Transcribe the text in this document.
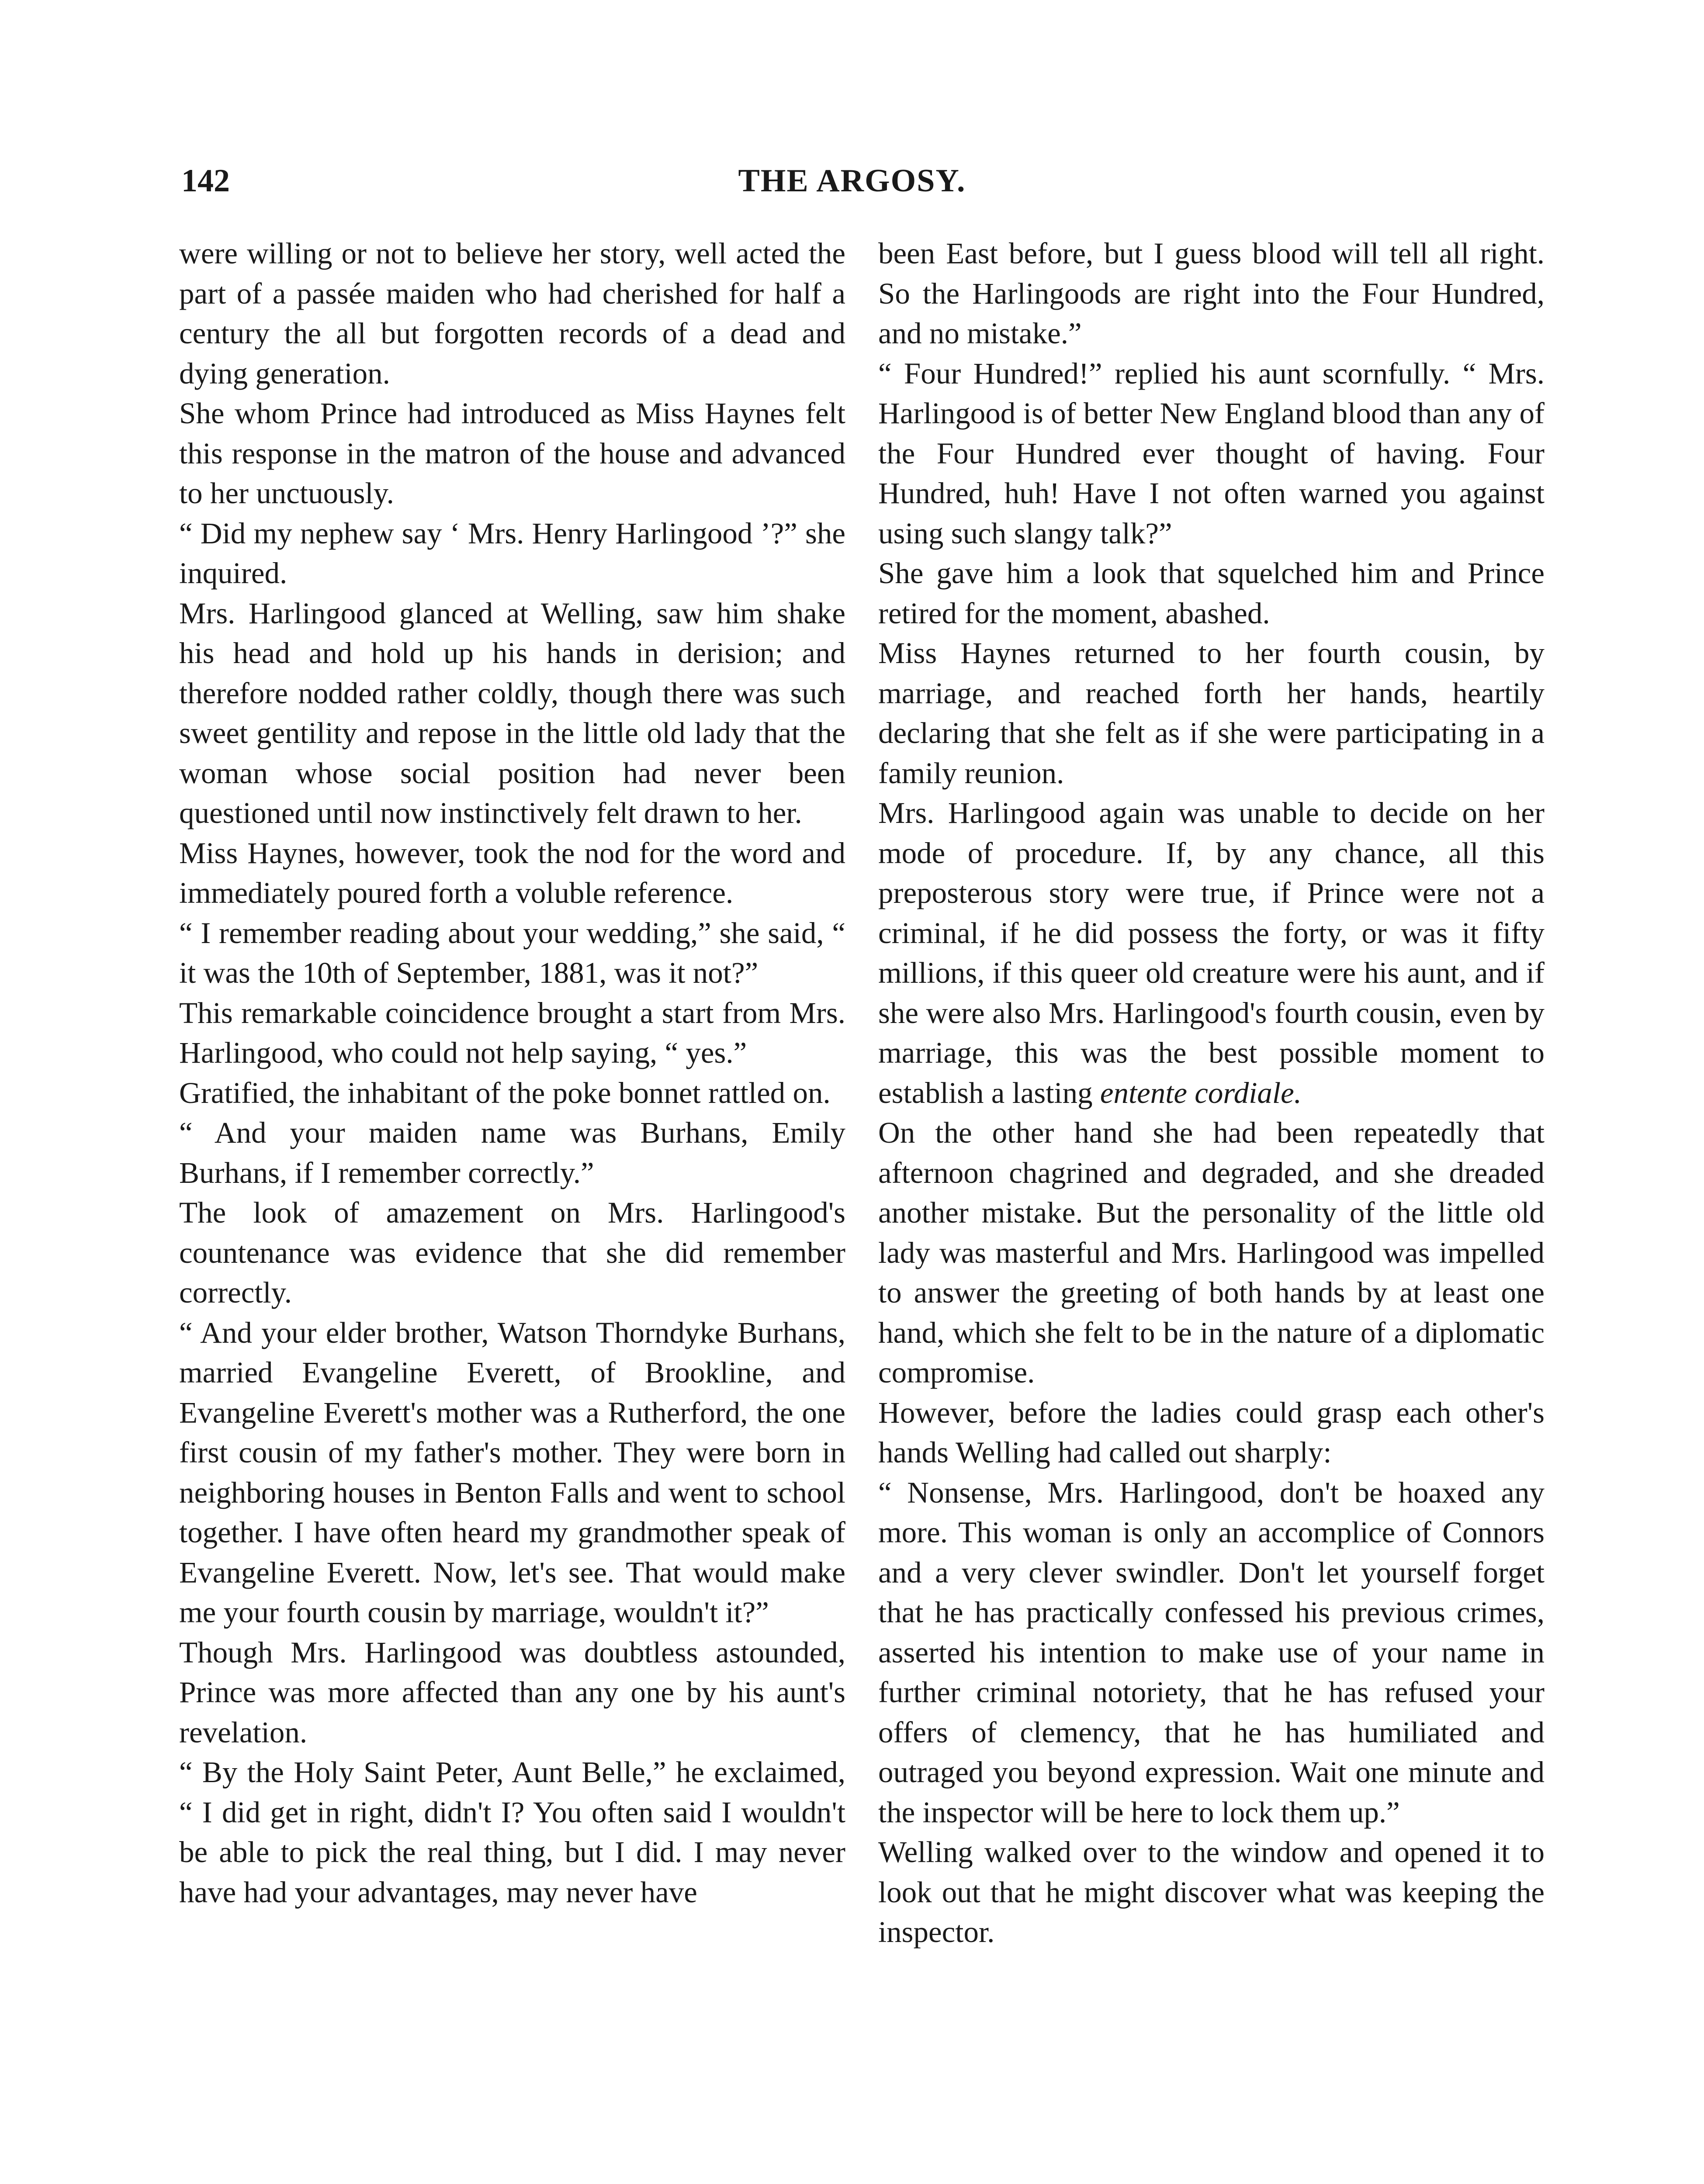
142	THE ARGOSY.

were willing or not to believe her story, well acted the part of a passée maiden who had cherished for half a century the all but forgotten records of a dead and dying generation.

She whom Prince had introduced as Miss Haynes felt this response in the matron of the house and advanced to her unctuously.

“ Did my nephew say ‘ Mrs. Henry Harlingood ’?” she inquired.

Mrs. Harlingood glanced at Welling, saw him shake his head and hold up his hands in derision; and therefore nodded rather coldly, though there was such sweet gentility and repose in the little old lady that the woman whose social position had never been questioned until now instinctively felt drawn to her.

Miss Haynes, however, took the nod for the word and immediately poured forth a voluble reference.

“ I remember reading about your wedding,” she said, “ it was the 10th of September, 1881, was it not?”

This remarkable coincidence brought a start from Mrs. Harlingood, who could not help saying, “ yes.”

Gratified, the inhabitant of the poke bonnet rattled on.

“ And your maiden name was Burhans, Emily Burhans, if I remember correctly.”

The look of amazement on Mrs. Harlingood's countenance was evidence that she did remember correctly.

“ And your elder brother, Watson Thorndyke Burhans, married Evangeline Everett, of Brookline, and Evangeline Everett's mother was a Rutherford, the one first cousin of my father's mother. They were born in neighboring houses in Benton Falls and went to school together. I have often heard my grandmother speak of Evangeline Everett. Now, let's see. That would make me your fourth cousin by marriage, wouldn't it?”

Though Mrs. Harlingood was doubtless astounded, Prince was more affected than any one by his aunt's revelation.

“ By the Holy Saint Peter, Aunt Belle,” he exclaimed, “ I did get in right, didn't I? You often said I wouldn't be able to pick the real thing, but I did. I may never have had your advantages, may never have

been East before, but I guess blood will tell all right. So the Harlingoods are right into the Four Hundred, and no mistake.”

“ Four Hundred!” replied his aunt scornfully. “ Mrs. Harlingood is of better New England blood than any of the Four Hundred ever thought of having. Four Hundred, huh! Have I not often warned you against using such slangy talk?”

She gave him a look that squelched him and Prince retired for the moment, abashed.

Miss Haynes returned to her fourth cousin, by marriage, and reached forth her hands, heartily declaring that she felt as if she were participating in a family reunion.

Mrs. Harlingood again was unable to decide on her mode of procedure. If, by any chance, all this preposterous story were true, if Prince were not a criminal, if he did possess the forty, or was it fifty millions, if this queer old creature were his aunt, and if she were also Mrs. Harlingood's fourth cousin, even by marriage, this was the best possible moment to establish a lasting entente cordiale.

On the other hand she had been repeatedly that afternoon chagrined and degraded, and she dreaded another mistake. But the personality of the little old lady was masterful and Mrs. Harlingood was impelled to answer the greeting of both hands by at least one hand, which she felt to be in the nature of a diplomatic compromise.

However, before the ladies could grasp each other's hands Welling had called out sharply:

“ Nonsense, Mrs. Harlingood, don't be hoaxed any more. This woman is only an accomplice of Connors and a very clever swindler. Don't let yourself forget that he has practically confessed his previous crimes, asserted his intention to make use of your name in further criminal notoriety, that he has refused your offers of clemency, that he has humiliated and outraged you beyond expression. Wait one minute and the inspector will be here to lock them up.”

Welling walked over to the window and opened it to look out that he might discover what was keeping the inspector.
